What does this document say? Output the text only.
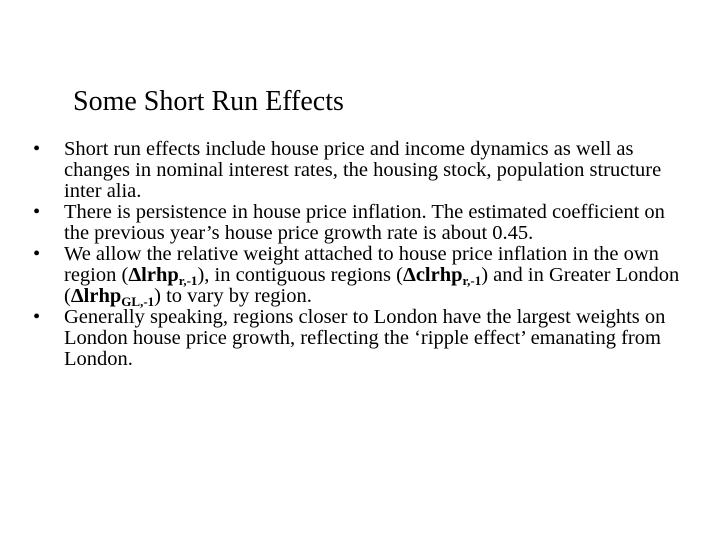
Some Short Run Effects
•	Short run effects include house price and income dynamics as well as changes in nominal interest rates, the housing stock, population structure inter alia.
•	There is persistence in house price inflation. The estimated coefficient on the previous year’s house price growth rate is about 0.45.
•	We allow the relative weight attached to house price inflation in the own region (Δlrhp$_{r,-1}$), in contiguous regions (Δclrhp$_{r,-1}$) and in Greater London (Δlrhp$_{GL,-1}$) to vary by region.
•	Generally speaking, regions closer to London have the largest weights on London house price growth, reflecting the ‘ripple effect’ emanating from London.
